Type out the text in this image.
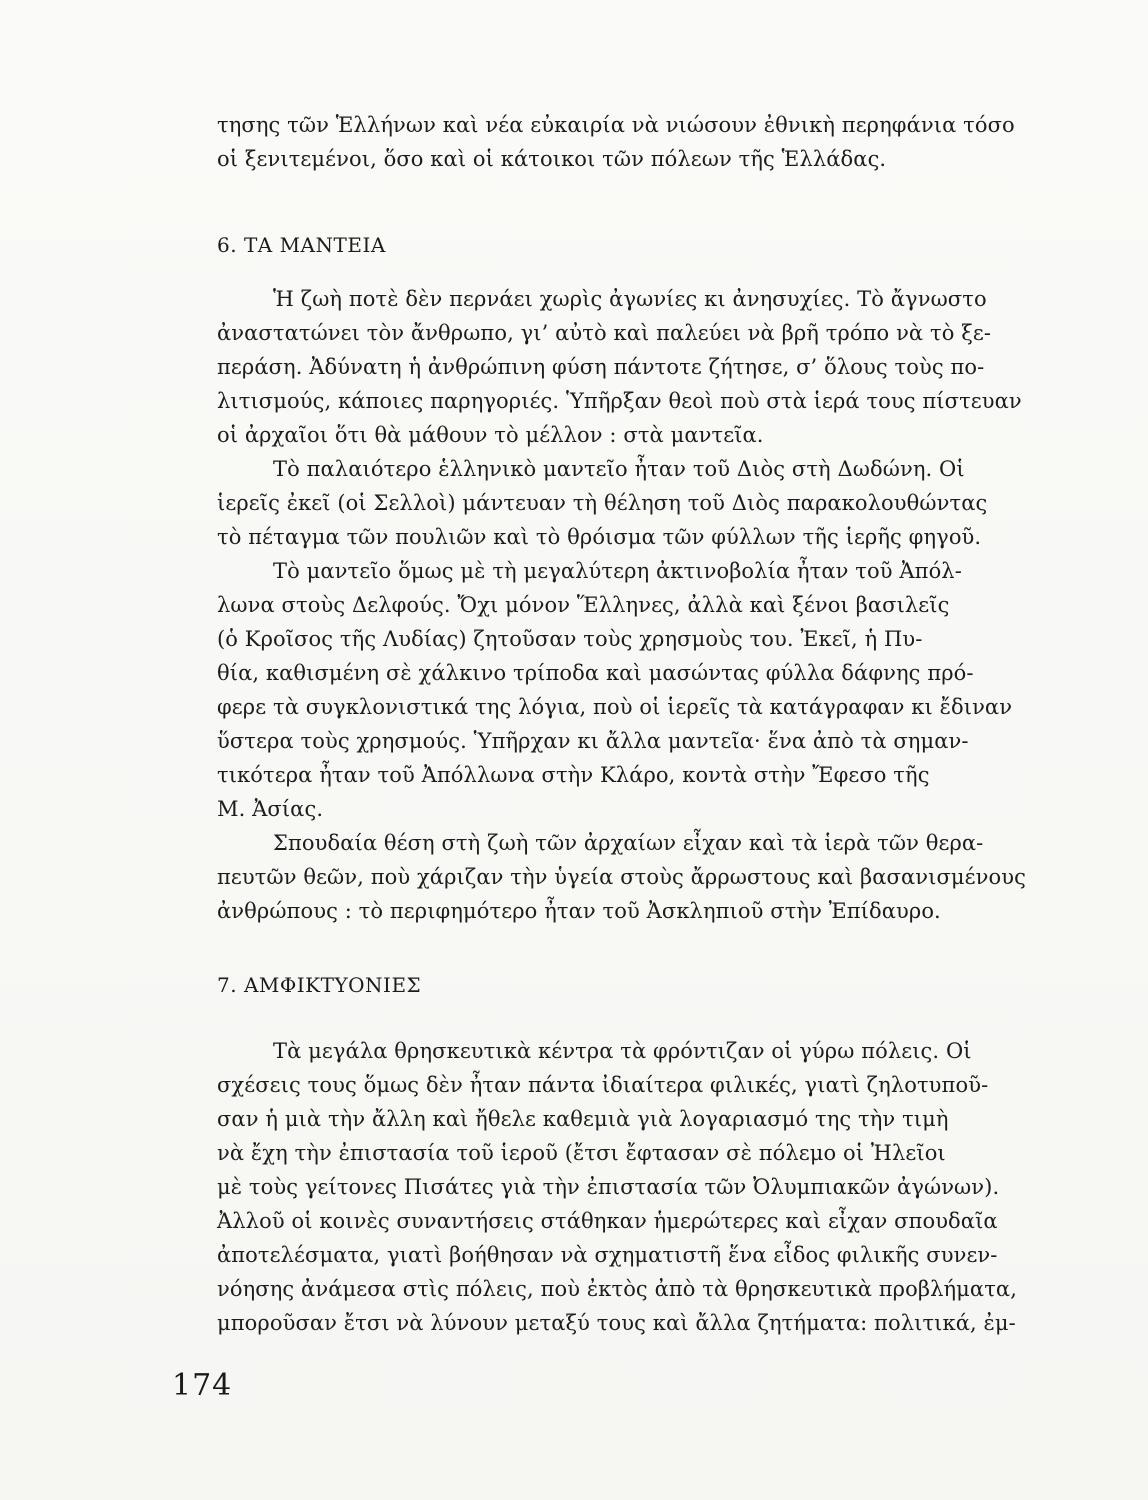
τησης τῶν Ἑλλήνων καὶ νέα εὐκαιρία νὰ νιώσουν ἐθνικὴ περηφάνια τόσο
οἱ ξενιτεμένοι, ὅσο καὶ οἱ κάτοικοι τῶν πόλεων τῆς Ἑλλάδας.
6. ΤΑ ΜΑΝΤΕΙΑ
Ἡ ζωὴ ποτὲ δὲν περνάει χωρὶς ἀγωνίες κι ἀνησυχίες. Τὸ ἄγνωστο
ἀναστατώνει τὸν ἄνθρωπο, γι’ αὐτὸ καὶ παλεύει νὰ βρῆ τρόπο νὰ τὸ ξε-
περάση. Ἀδύνατη ἡ ἀνθρώπινη φύση πάντοτε ζήτησε, σ’ ὅλους τοὺς πο-
λιτισμούς, κάποιες παρηγοριές. Ὑπῆρξαν θεοὶ ποὺ στὰ ἱερά τους πίστευαν
οἱ ἀρχαῖοι ὅτι θὰ μάθουν τὸ μέλλον : στὰ μαντεῖα.
Τὸ παλαιότερο ἑλληνικὸ μαντεῖο ἦταν τοῦ Διὸς στὴ Δωδώνη. Οἱ
ἱερεῖς ἐκεῖ (οἱ Σελλοὶ) μάντευαν τὴ θέληση τοῦ Διὸς παρακολουθώντας
τὸ πέταγμα τῶν πουλιῶν καὶ τὸ θρόισμα τῶν φύλλων τῆς ἱερῆς φηγοῦ.
Τὸ μαντεῖο ὅμως μὲ τὴ μεγαλύτερη ἀκτινοβολία ἦταν τοῦ Ἀπόλ-
λωνα στοὺς Δελφούς. Ὄχι μόνον Ἕλληνες, ἀλλὰ καὶ ξένοι βασιλεῖς
(ὁ Κροῖσος τῆς Λυδίας) ζητοῦσαν τοὺς χρησμοὺς του. Ἐκεῖ, ἡ Πυ-
θία, καθισμένη σὲ χάλκινο τρίποδα καὶ μασώντας φύλλα δάφνης πρό-
φερε τὰ συγκλονιστικά της λόγια, ποὺ οἱ ἱερεῖς τὰ κατάγραφαν κι ἔδιναν
ὕστερα τοὺς χρησμούς. Ὑπῆρχαν κι ἄλλα μαντεῖα· ἕνα ἀπὸ τὰ σημαν-
τικότερα ἦταν τοῦ Ἀπόλλωνα στὴν Κλάρο, κοντὰ στὴν Ἔφεσο τῆς
Μ. Ἀσίας.
Σπουδαία θέση στὴ ζωὴ τῶν ἀρχαίων εἶχαν καὶ τὰ ἱερὰ τῶν θερα-
πευτῶν θεῶν, ποὺ χάριζαν τὴν ὑγεία στοὺς ἄρρωστους καὶ βασανισμένους
ἀνθρώπους : τὸ περιφημότερο ἦταν τοῦ Ἀσκληπιοῦ στὴν Ἐπίδαυρο.
7. ΑΜΦΙΚΤΥΟΝΙΕΣ
Τὰ μεγάλα θρησκευτικὰ κέντρα τὰ φρόντιζαν οἱ γύρω πόλεις. Οἱ
σχέσεις τους ὅμως δὲν ἦταν πάντα ἰδιαίτερα φιλικές, γιατὶ ζηλοτυποῦ-
σαν ἡ μιὰ τὴν ἄλλη καὶ ἤθελε καθεμιὰ γιὰ λογαριασμό της τὴν τιμὴ
νὰ ἔχη τὴν ἐπιστασία τοῦ ἱεροῦ (ἔτσι ἔφτασαν σὲ πόλεμο οἱ Ἠλεῖοι
μὲ τοὺς γείτονες Πισάτες γιὰ τὴν ἐπιστασία τῶν Ὀλυμπιακῶν ἀγώνων).
Ἀλλοῦ οἱ κοινὲς συναντήσεις στάθηκαν ἡμερώτερες καὶ εἶχαν σπουδαῖα
ἀποτελέσματα, γιατὶ βοήθησαν νὰ σχηματιστῆ ἕνα εἶδος φιλικῆς συνεν-
νόησης ἀνάμεσα στὶς πόλεις, ποὺ ἐκτὸς ἀπὸ τὰ θρησκευτικὰ προβλήματα,
μποροῦσαν ἔτσι νὰ λύνουν μεταξύ τους καὶ ἄλλα ζητήματα: πολιτικά, ἐμ-
174
